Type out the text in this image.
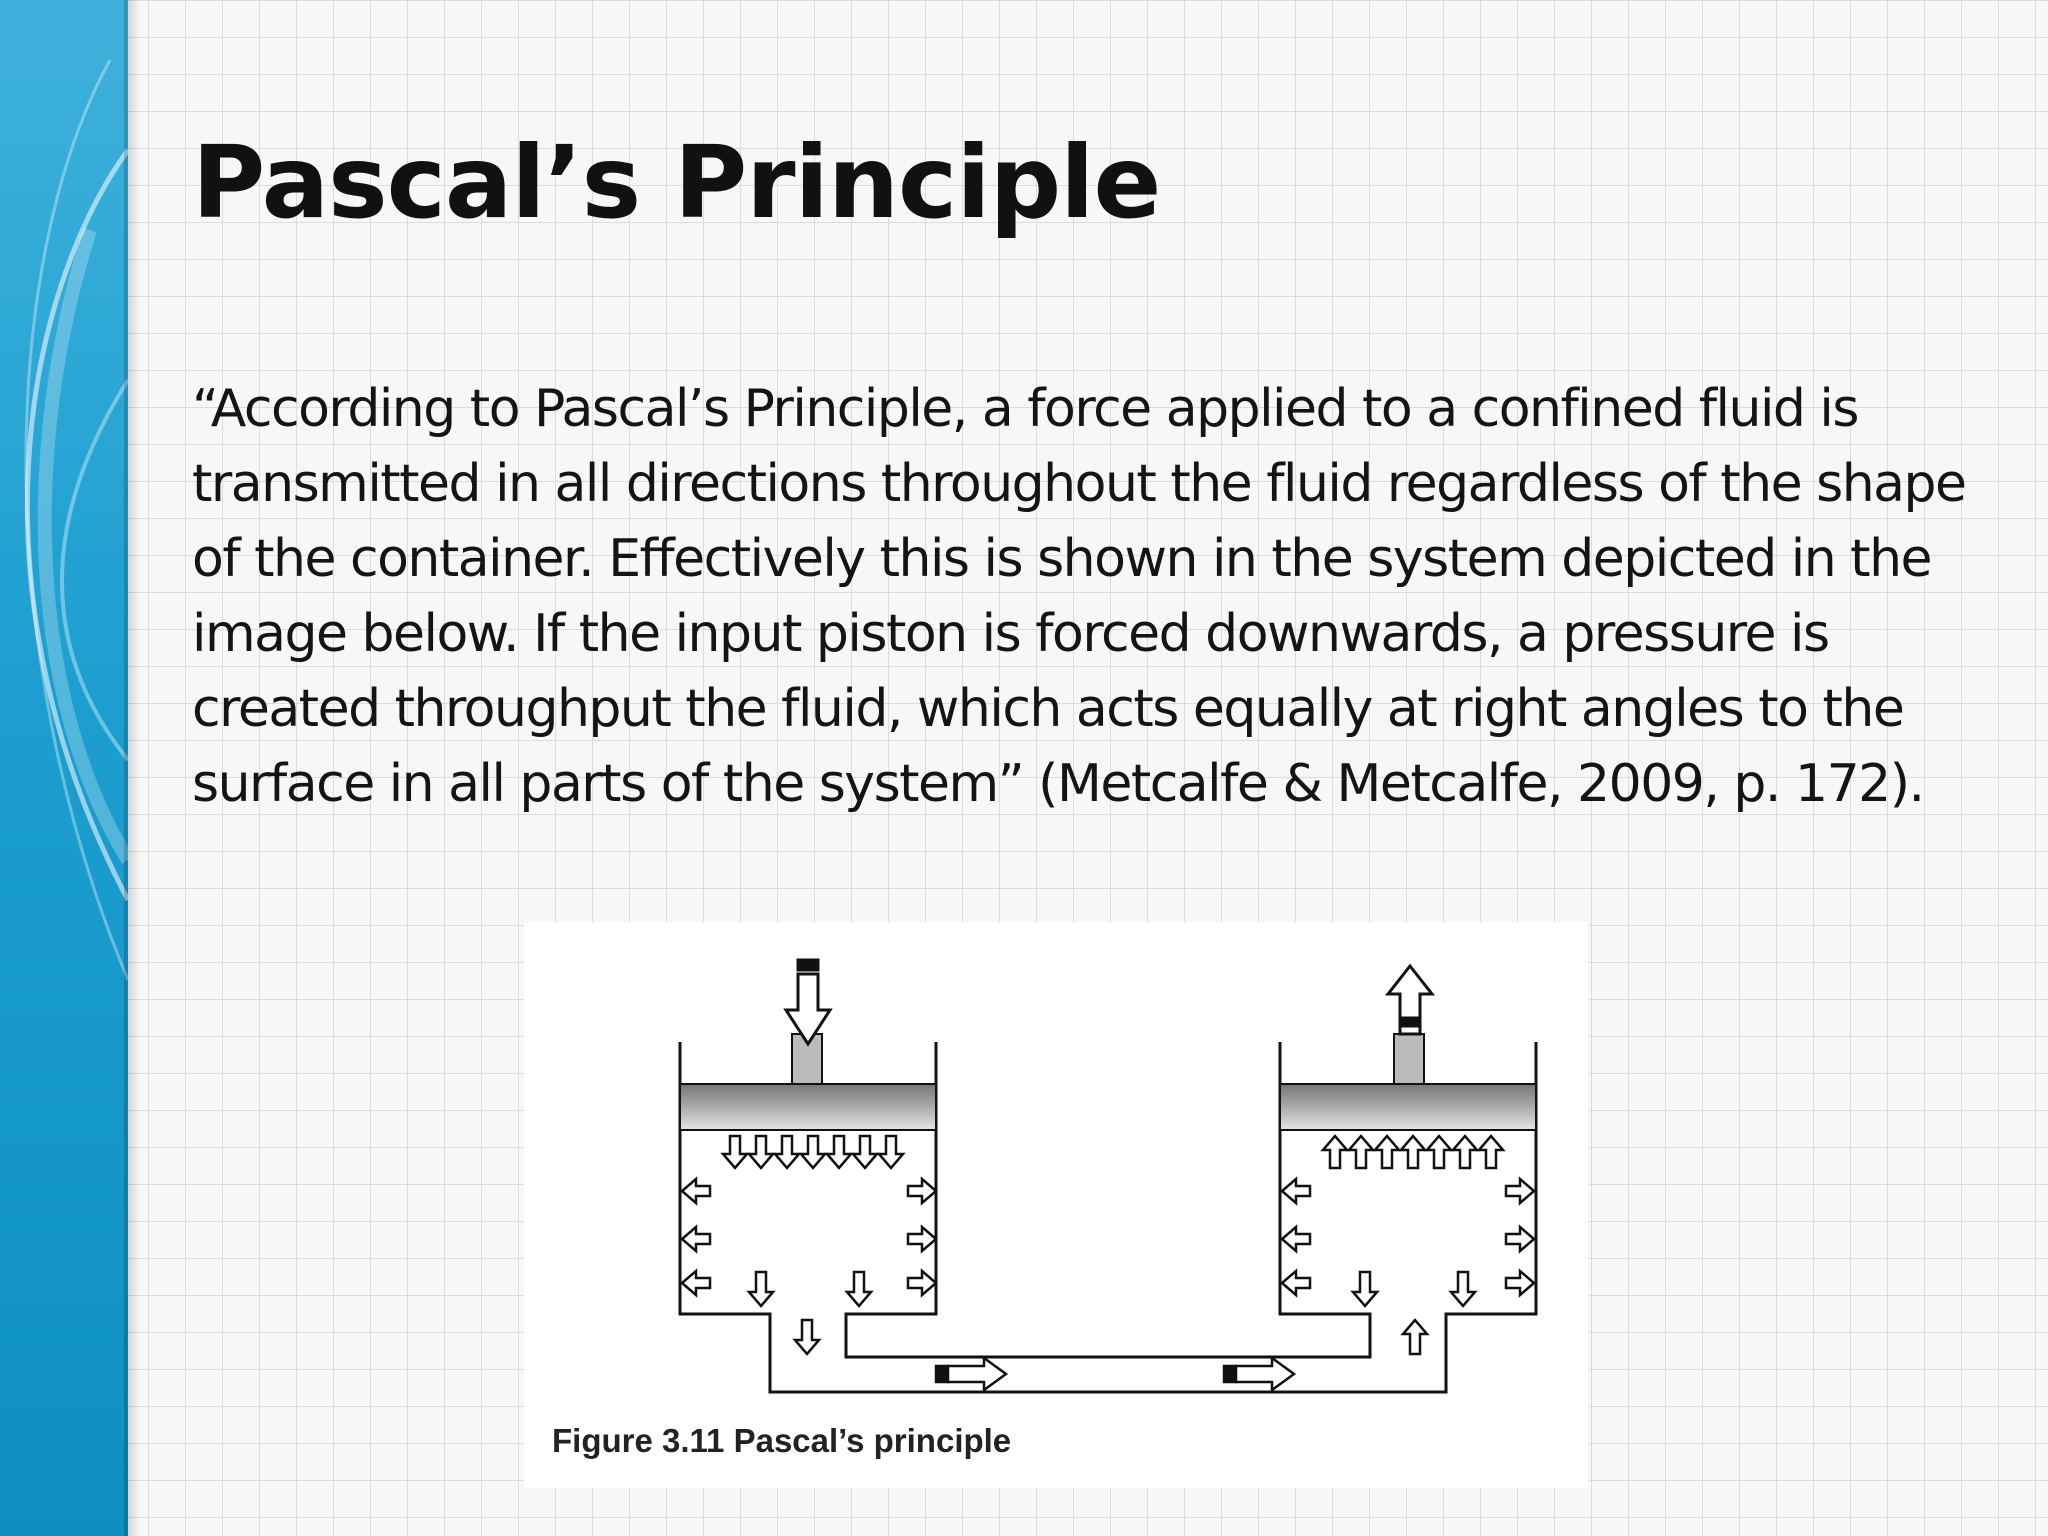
Pascal’s Principle

“According to Pascal’s Principle, a force applied to a confined fluid is transmitted in all directions throughout the fluid regardless of the shape of the container. Effectively this is shown in the system depicted in the image below. If the input piston is forced downwards, a pressure is created throughput the fluid, which acts equally at right angles to the surface in all parts of the system” (Metcalfe & Metcalfe, 2009, p. 172).

Figure 3.11 Pascal’s principle
